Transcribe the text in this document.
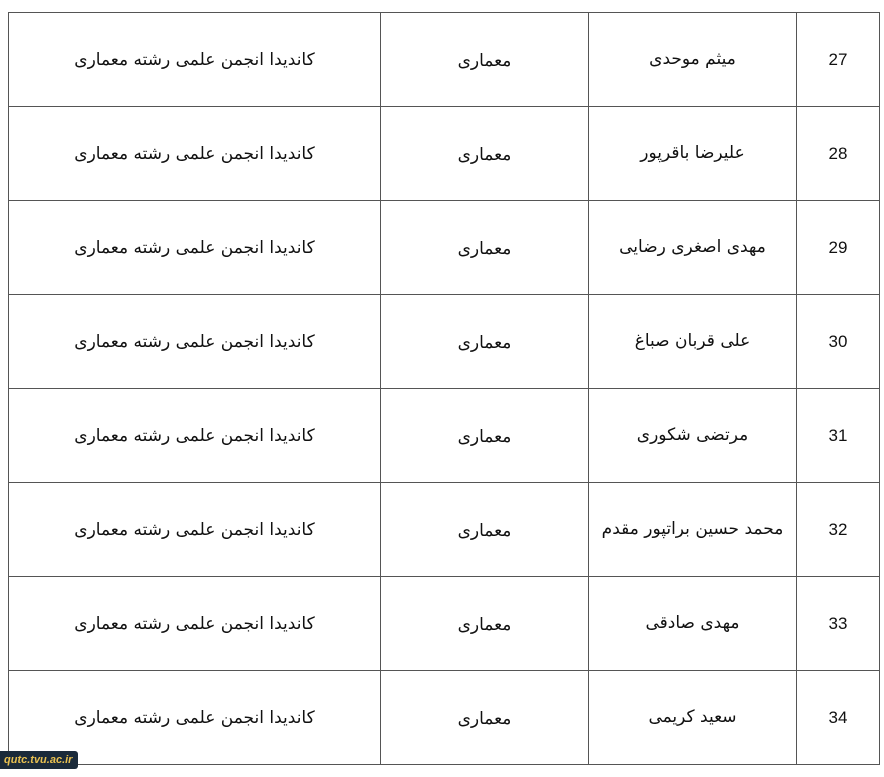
کاندیدا انجمن علمی رشته معماری	معماری	میثم موحدی	27
کاندیدا انجمن علمی رشته معماری	معماری	علیرضا باقرپور	28
کاندیدا انجمن علمی رشته معماری	معماری	مهدی اصغری رضایی	29
کاندیدا انجمن علمی رشته معماری	معماری	علی قربان صباغ	30
کاندیدا انجمن علمی رشته معماری	معماری	مرتضی شکوری	31
کاندیدا انجمن علمی رشته معماری	معماری	محمد حسین براتپور مقدم	32
کاندیدا انجمن علمی رشته معماری	معماری	مهدی صادقی	33
کاندیدا انجمن علمی رشته معماری	معماری	سعید کریمی	34
qutc.tvu.ac.ir
